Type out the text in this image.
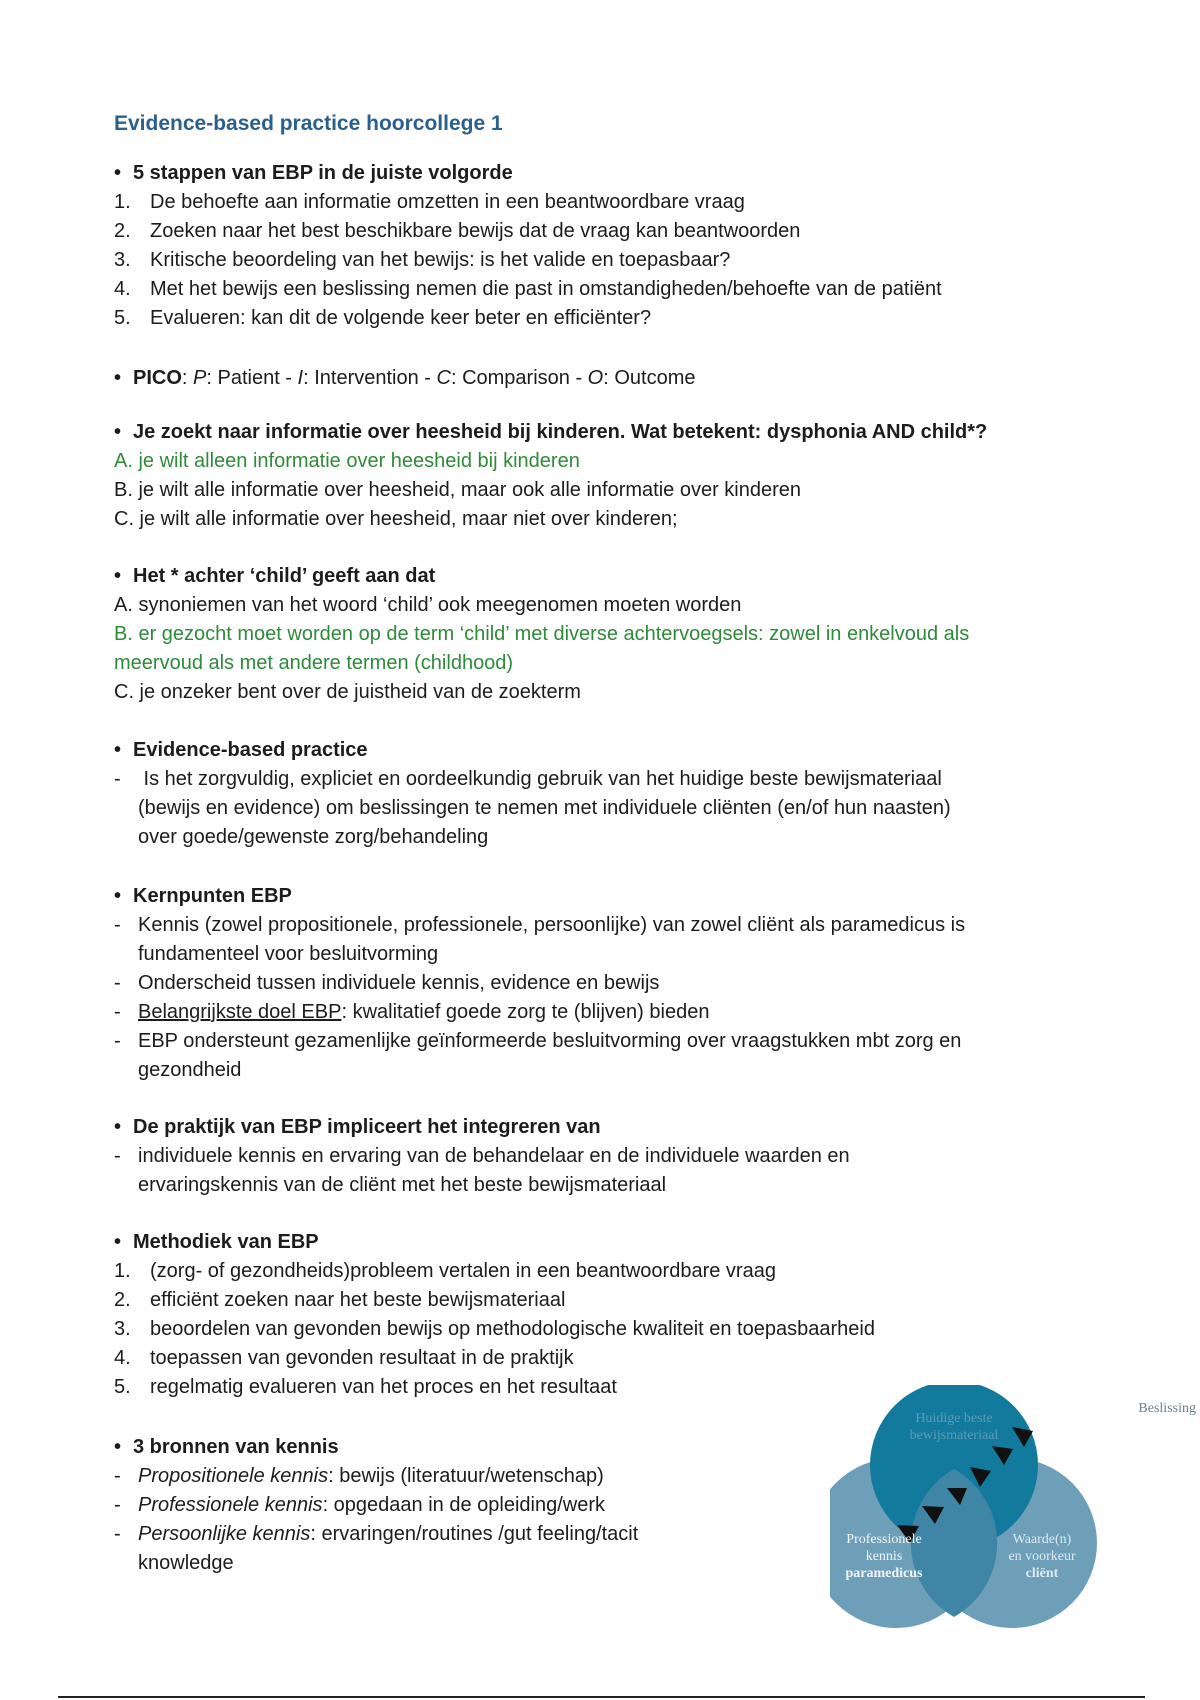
Evidence-based practice hoorcollege 1
• 5 stappen van EBP in de juiste volgorde
1. De behoefte aan informatie omzetten in een beantwoordbare vraag
2. Zoeken naar het best beschikbare bewijs dat de vraag kan beantwoorden
3. Kritische beoordeling van het bewijs: is het valide en toepasbaar?
4. Met het bewijs een beslissing nemen die past in omstandigheden/behoefte van de patiënt
5. Evalueren: kan dit de volgende keer beter en efficiënter?
• PICO: P: Patient - I: Intervention - C: Comparison - O: Outcome
• Je zoekt naar informatie over heesheid bij kinderen. Wat betekent: dysphonia AND child*?
A. je wilt alleen informatie over heesheid bij kinderen
B. je wilt alle informatie over heesheid, maar ook alle informatie over kinderen
C. je wilt alle informatie over heesheid, maar niet over kinderen;
• Het * achter ‘child’ geeft aan dat
A. synoniemen van het woord ‘child’ ook meegenomen moeten worden
B. er gezocht moet worden op de term ‘child’ met diverse achtervoegsels: zowel in enkelvoud als
meervoud als met andere termen (childhood)
C. je onzeker bent over de juistheid van de zoekterm
• Evidence-based practice
- Is het zorgvuldig, expliciet en oordeelkundig gebruik van het huidige beste bewijsmateriaal
(bewijs en evidence) om beslissingen te nemen met individuele cliënten (en/of hun naasten)
over goede/gewenste zorg/behandeling
• Kernpunten EBP
- Kennis (zowel propositionele, professionele, persoonlijke) van zowel cliënt als paramedicus is
fundamenteel voor besluitvorming
- Onderscheid tussen individuele kennis, evidence en bewijs
- Belangrijkste doel EBP: kwalitatief goede zorg te (blijven) bieden
- EBP ondersteunt gezamenlijke geïnformeerde besluitvorming over vraagstukken mbt zorg en
gezondheid
• De praktijk van EBP impliceert het integreren van
- individuele kennis en ervaring van de behandelaar en de individuele waarden en
ervaringskennis van de cliënt met het beste bewijsmateriaal
• Methodiek van EBP
1. (zorg- of gezondheids)probleem vertalen in een beantwoordbare vraag
2. efficiënt zoeken naar het beste bewijsmateriaal
3. beoordelen van gevonden bewijs op methodologische kwaliteit en toepasbaarheid
4. toepassen van gevonden resultaat in de praktijk
5. regelmatig evalueren van het proces en het resultaat
• 3 bronnen van kennis
- Propositionele kennis: bewijs (literatuur/wetenschap)
- Professionele kennis: opgedaan in de opleiding/werk
- Persoonlijke kennis: ervaringen/routines /gut feeling/tacit
knowledge
Huidige beste
bewijsmateriaal
Professionele
kennis
paramedicus
Waarde(n)
en voorkeur
cliënt
Beslissing
